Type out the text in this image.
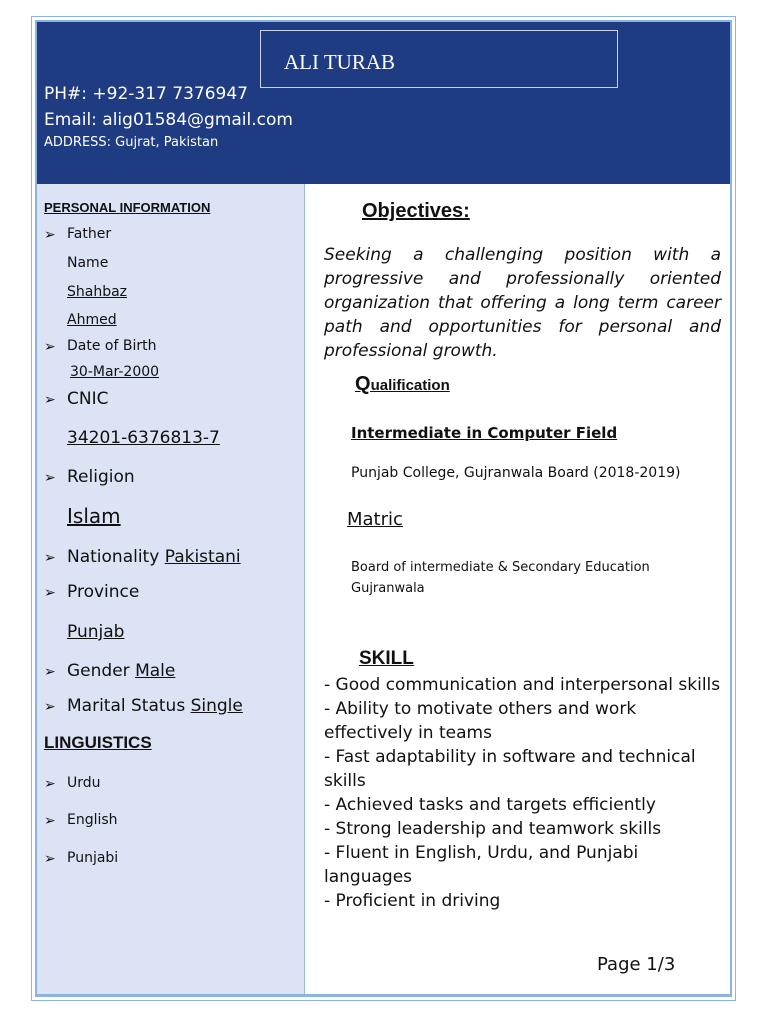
ALI TURAB
PH#: +92-317 7376947
Email: alig01584@gmail.com
ADDRESS: Gujrat, Pakistan
PERSONAL INFORMATION
➢ Father
Name
Shahbaz
Ahmed
➢ Date of Birth
30-Mar-2000
➢ CNIC
34201-6376813-7
➢ Religion
Islam
➢ Nationality Pakistani
➢ Province
Punjab
➢ Gender Male
➢ Marital Status Single
LINGUISTICS
➢ Urdu
➢ English
➢ Punjabi
Objectives:
Seeking a challenging position with a progressive and professionally oriented organization that offering a long term career path and opportunities for personal and professional growth.
Qualification
Intermediate in Computer Field
Punjab College, Gujranwala Board (2018-2019)
Matric
Board of intermediate & Secondary Education
Gujranwala
SKILL
- Good communication and interpersonal skills
- Ability to motivate others and work effectively in teams
- Fast adaptability in software and technical skills
- Achieved tasks and targets efficiently
- Strong leadership and teamwork skills
- Fluent in English, Urdu, and Punjabi languages
- Proficient in driving
Page 1/3
